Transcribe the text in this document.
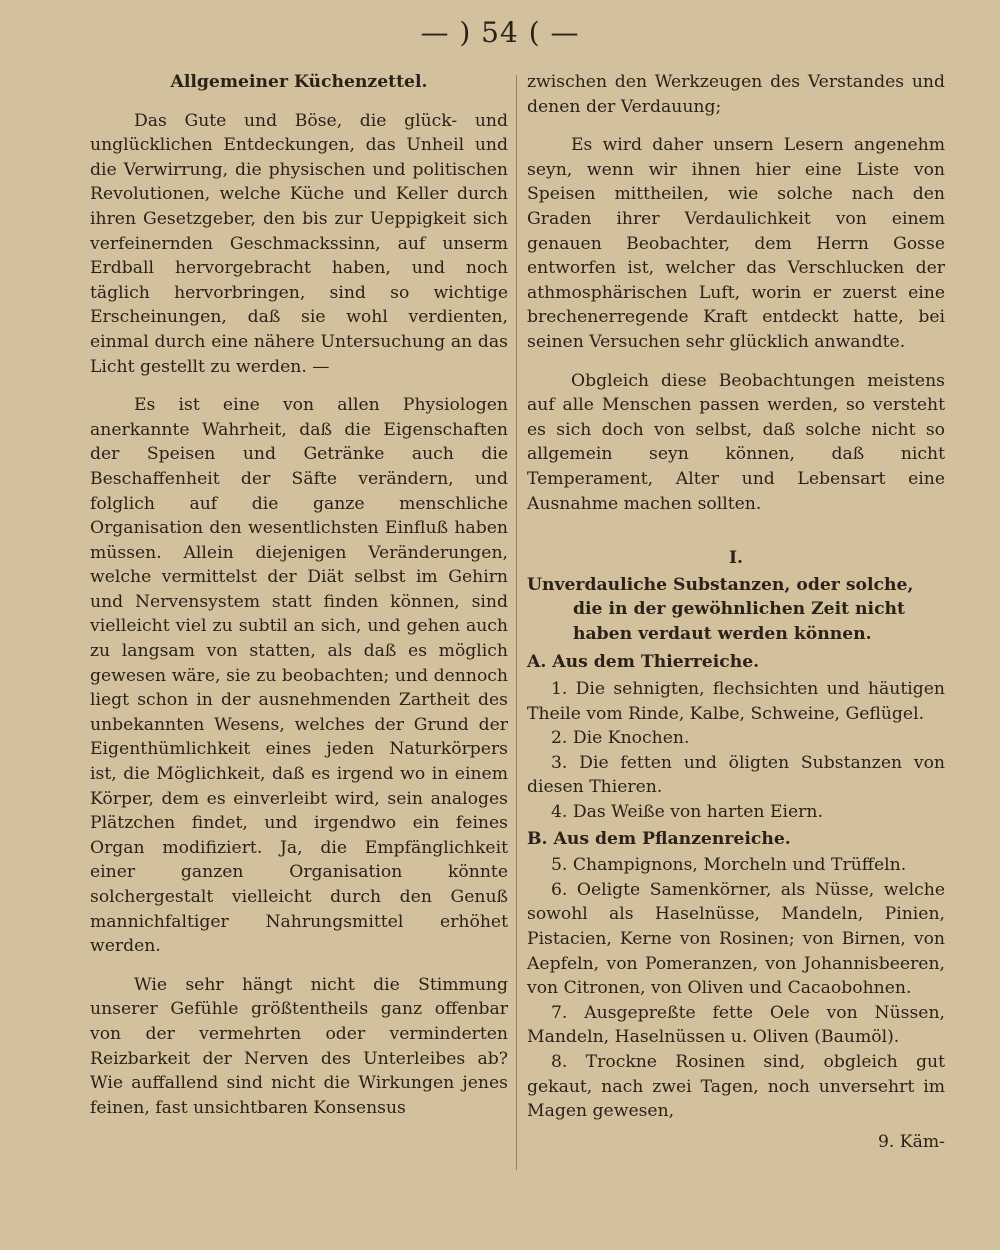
— ) 54 ( —
Allgemeiner Küchenzettel.

Das Gute und Böse, die glück- und unglücklichen Entdeckungen, das Unheil und die Verwirrung, die physischen und politischen Revolutionen, welche Küche und Keller durch ihren Gesetzgeber, den bis zur Ueppigkeit sich verfeinernden Geschmackssinn, auf unserm Erdball hervorgebracht haben, und noch täglich hervorbringen, sind so wichtige Erscheinungen, daß sie wohl verdienten, einmal durch eine nähere Untersuchung an das Licht gestellt zu werden. —

Es ist eine von allen Physiologen anerkannte Wahrheit, daß die Eigenschaften der Speisen und Getränke auch die Beschaffenheit der Säfte verändern, und folglich auf die ganze menschliche Organisation den wesentlichsten Einfluß haben müssen. Allein diejenigen Veränderungen, welche vermittelst der Diät selbst im Gehirn und Nervensystem statt finden können, sind vielleicht viel zu subtil an sich, und gehen auch zu langsam von statten, als daß es möglich gewesen wäre, sie zu beobachten; und dennoch liegt schon in der ausnehmenden Zartheit des unbekannten Wesens, welches der Grund der Eigenthümlichkeit eines jeden Naturkörpers ist, die Möglichkeit, daß es irgend wo in einem Körper, dem es einverleibt wird, sein analoges Plätzchen findet, und irgendwo ein feines Organ modifiziert. Ja, die Empfänglichkeit einer ganzen Organisation könnte solchergestalt vielleicht durch den Genuß mannichfaltiger Nahrungsmittel erhöhet werden.

Wie sehr hängt nicht die Stimmung unserer Gefühle größtentheils ganz offenbar von der vermehrten oder verminderten Reizbarkeit der Nerven des Unterleibes ab? Wie auffallend sind nicht die Wirkungen jenes feinen, fast unsichtbaren Konsensus

zwischen den Werkzeugen des Verstandes und denen der Verdauung;

Es wird daher unsern Lesern angenehm seyn, wenn wir ihnen hier eine Liste von Speisen mittheilen, wie solche nach den Graden ihrer Verdaulichkeit von einem genauen Beobachter, dem Herrn Gosse entworfen ist, welcher das Verschlucken der athmosphärischen Luft, worin er zuerst eine brechenerregende Kraft entdeckt hatte, bei seinen Versuchen sehr glücklich anwandte.

Obgleich diese Beobachtungen meistens auf alle Menschen passen werden, so versteht es sich doch von selbst, daß solche nicht so allgemein seyn können, daß nicht Temperament, Alter und Lebensart eine Ausnahme machen sollten.

I.
Unverdauliche Substanzen, oder solche, die in der gewöhnlichen Zeit nicht haben verdaut werden können.
A. Aus dem Thierreiche.

1. Die sehnigten, flechsichten und häutigen Theile vom Rinde, Kalbe, Schweine, Geflügel.

2. Die Knochen.

3. Die fetten und öligten Substanzen von diesen Thieren.

4. Das Weiße von harten Eiern.

B. Aus dem Pflanzenreiche.

5. Champignons, Morcheln und Trüffeln.

6. Oeligte Samenkörner, als Nüsse, welche sowohl als Haselnüsse, Mandeln, Pinien, Pistacien, Kerne von Rosinen; von Birnen, von Aepfeln, von Pomeranzen, von Johannisbeeren, von Citronen, von Oliven und Cacaobohnen.

7. Ausgepreßte fette Oele von Nüssen, Mandeln, Haselnüssen u. Oliven (Baumöl).

8. Trockne Rosinen sind, obgleich gut gekaut, nach zwei Tagen, noch unversehrt im Magen gewesen,

9. Käm-
